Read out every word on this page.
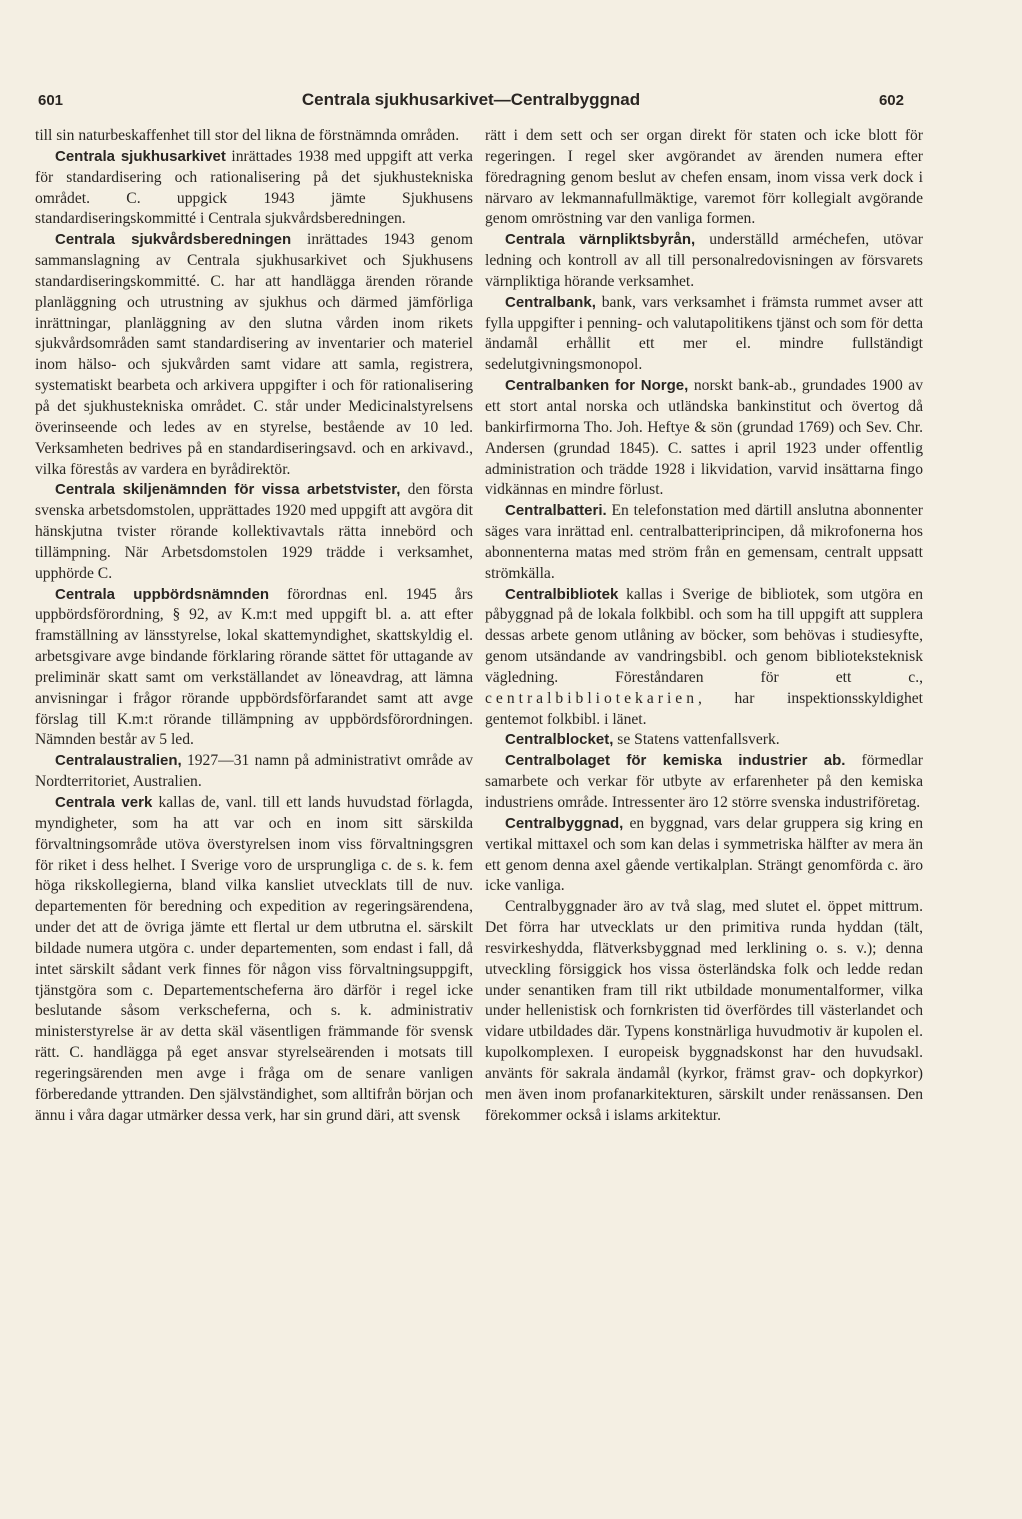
601	Centrala sjukhusarkivet—Centralbyggnad	602

till sin naturbeskaffenhet till stor del likna de förstnämnda områden.

Centrala sjukhusarkivet inrättades 1938 med uppgift att verka för standardisering och rationalisering på det sjukhustekniska området. C. uppgick 1943 jämte Sjukhusens standardiseringskommitté i Centrala sjukvårdsberedningen.

Centrala sjukvårdsberedningen inrättades 1943 genom sammanslagning av Centrala sjukhusarkivet och Sjukhusens standardiseringskommitté. C. har att handlägga ärenden rörande planläggning och utrustning av sjukhus och därmed jämförliga inrättningar, planläggning av den slutna vården inom rikets sjukvårdsområden samt standardisering av inventarier och materiel inom hälso- och sjukvården samt vidare att samla, registrera, systematiskt bearbeta och arkivera uppgifter i och för rationalisering på det sjukhustekniska området. C. står under Medicinalstyrelsens överinseende och ledes av en styrelse, bestående av 10 led. Verksamheten bedrives på en standardiseringsavd. och en arkivavd., vilka förestås av vardera en byrådirektör.

Centrala skiljenämnden för vissa arbetstvister, den första svenska arbetsdomstolen, upprättades 1920 med uppgift att avgöra dit hänskjutna tvister rörande kollektivavtals rätta innebörd och tillämpning. När Arbetsdomstolen 1929 trädde i verksamhet, upphörde C.

Centrala uppbördsnämnden förordnas enl. 1945 års uppbördsförordning, § 92, av K.m:t med uppgift bl. a. att efter framställning av länsstyrelse, lokal skattemyndighet, skattskyldig el. arbetsgivare avge bindande förklaring rörande sättet för uttagande av preliminär skatt samt om verkställandet av löneavdrag, att lämna anvisningar i frågor rörande uppbördsförfarandet samt att avge förslag till K.m:t rörande tillämpning av uppbördsförordningen. Nämnden består av 5 led.

Centralaustralien, 1927—31 namn på administrativt område av Nordterritoriet, Australien.

Centrala verk kallas de, vanl. till ett lands huvudstad förlagda, myndigheter, som ha att var och en inom sitt särskilda förvaltningsområde utöva överstyrelsen inom viss förvaltningsgren för riket i dess helhet. I Sverige voro de ursprungliga c. de s. k. fem höga rikskollegierna, bland vilka kansliet utvecklats till de nuv. departementen för beredning och expedition av regeringsärendena, under det att de övriga jämte ett flertal ur dem utbrutna el. särskilt bildade numera utgöra c. under departementen, som endast i fall, då intet särskilt sådant verk finnes för någon viss förvaltningsuppgift, tjänstgöra som c. Departementscheferna äro därför i regel icke beslutande såsom verkscheferna, och s. k. administrativ ministerstyrelse är av detta skäl väsentligen främmande för svensk rätt. C. handlägga på eget ansvar styrelseärenden i motsats till regeringsärenden men avge i fråga om de senare vanligen förberedande yttranden. Den självständighet, som alltifrån början och ännu i våra dagar utmärker dessa verk, har sin grund däri, att svensk

rätt i dem sett och ser organ direkt för staten och icke blott för regeringen. I regel sker avgörandet av ärenden numera efter föredragning genom beslut av chefen ensam, inom vissa verk dock i närvaro av lekmannafullmäktige, varemot förr kollegialt avgörande genom omröstning var den vanliga formen.

Centrala värnpliktsbyrån, underställd arméchefen, utövar ledning och kontroll av all till personalredovisningen av försvarets värnpliktiga hörande verksamhet.

Centralbank, bank, vars verksamhet i främsta rummet avser att fylla uppgifter i penning- och valutapolitikens tjänst och som för detta ändamål erhållit ett mer el. mindre fullständigt sedelutgivningsmonopol.

Centralbanken for Norge, norskt bank-ab., grundades 1900 av ett stort antal norska och utländska bankinstitut och övertog då bankirfirmorna Tho. Joh. Heftye & sön (grundad 1769) och Sev. Chr. Andersen (grundad 1845). C. sattes i april 1923 under offentlig administration och trädde 1928 i likvidation, varvid insättarna fingo vidkännas en mindre förlust.

Centralbatteri. En telefonstation med därtill anslutna abonnenter säges vara inrättad enl. centralbatteriprincipen, då mikrofonerna hos abonnenterna matas med ström från en gemensam, centralt uppsatt strömkälla.

Centralbibliotek kallas i Sverige de bibliotek, som utgöra en påbyggnad på de lokala folkbibl. och som ha till uppgift att supplera dessas arbete genom utlåning av böcker, som behövas i studiesyfte, genom utsändande av vandringsbibl. och genom biblioteksteknisk vägledning. Föreståndaren för ett c., centralbibliotekarien, har inspektionsskyldighet gentemot folkbibl. i länet.

Centralblocket, se Statens vattenfallsverk.

Centralbolaget för kemiska industrier ab. förmedlar samarbete och verkar för utbyte av erfarenheter på den kemiska industriens område. Intressenter äro 12 större svenska industriföretag.

Centralbyggnad, en byggnad, vars delar gruppera sig kring en vertikal mittaxel och som kan delas i symmetriska hälfter av mera än ett genom denna axel gående vertikalplan. Strängt genomförda c. äro icke vanliga.

Centralbyggnader äro av två slag, med slutet el. öppet mittrum. Det förra har utvecklats ur den primitiva runda hyddan (tält, resvirkeshydda, flätverksbyggnad med lerklining o. s. v.); denna utveckling försiggick hos vissa österländska folk och ledde redan under senantiken fram till rikt utbildade monumentalformer, vilka under hellenistisk och fornkristen tid överfördes till västerlandet och vidare utbildades där. Typens konstnärliga huvudmotiv är kupolen el. kupolkomplexen. I europeisk byggnadskonst har den huvudsakl. använts för sakrala ändamål (kyrkor, främst grav- och dopkyrkor) men även inom profanarkitekturen, särskilt under renässansen. Den förekommer också i islams arkitektur.
